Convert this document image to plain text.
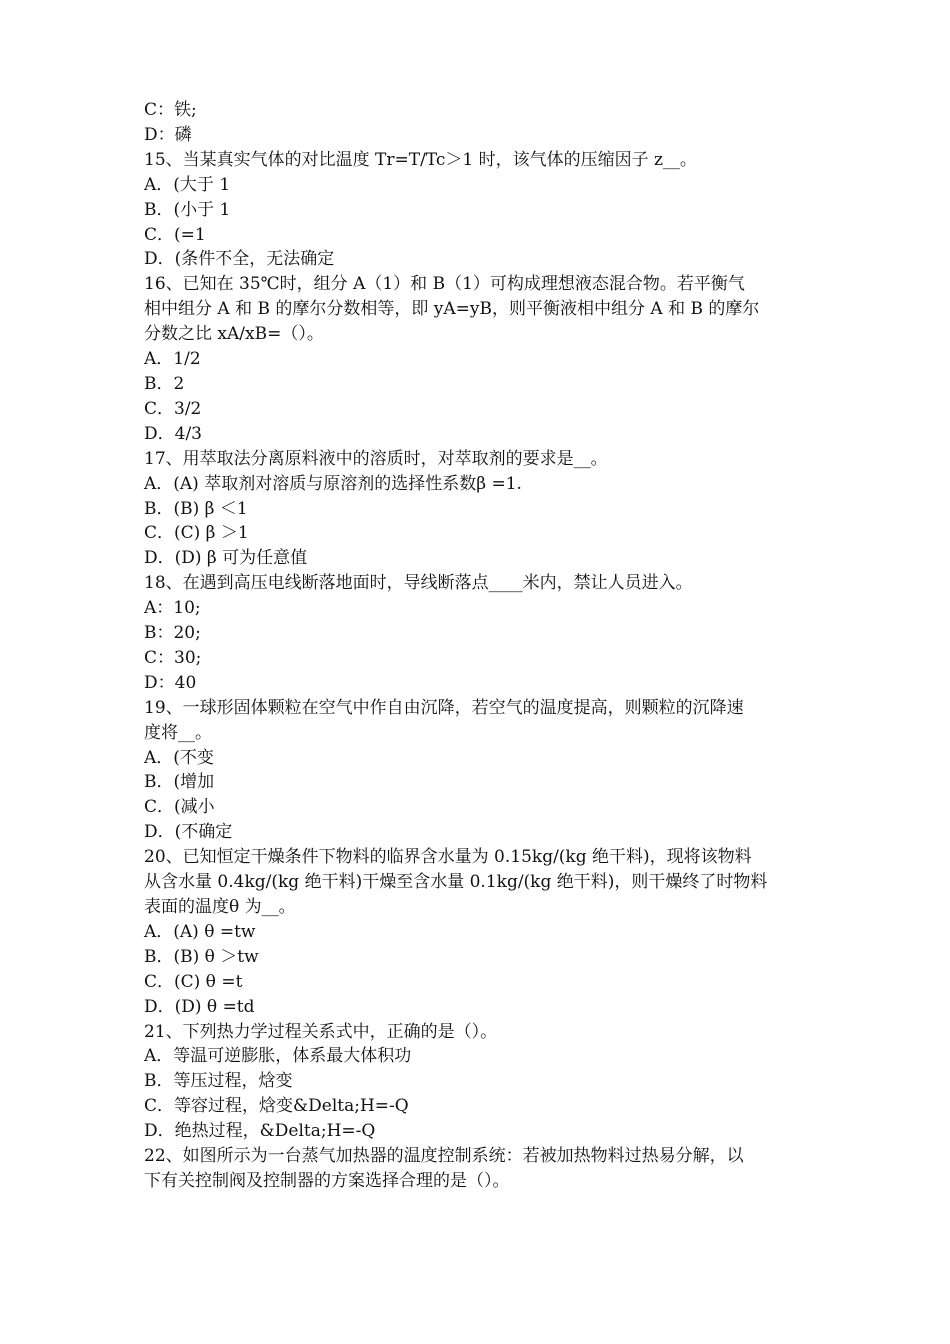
C：铁;

D：磷

15、当某真实气体的对比温度 Tr=T/Tc＞1 时，该气体的压缩因子 z__。

A．(大于 1

B．(小于 1

C．(=1

D．(条件不全，无法确定

16、已知在 35℃时，组分 A（1）和 B（1）可构成理想液态混合物。若平衡气

相中组分 A 和 B 的摩尔分数相等，即 yA=yB，则平衡液相中组分 A 和 B 的摩尔

分数之比 xA/xB=（）。

A．1/2

B．2

C．3/2

D．4/3

17、用萃取法分离原料液中的溶质时，对萃取剂的要求是__。

A．(A) 萃取剂对溶质与原溶剂的选择性系数β =1.

B．(B) β ＜1

C．(C) β ＞1

D．(D) β 可为任意值

18、在遇到高压电线断落地面时，导线断落点____米内，禁让人员进入。

A：10;

B：20;

C：30;

D：40

19、一球形固体颗粒在空气中作自由沉降，若空气的温度提高，则颗粒的沉降速

度将__。

A．(不变

B．(增加

C．(减小

D．(不确定

20、已知恒定干燥条件下物料的临界含水量为 0.15kg/(kg 绝干料)，现将该物料

从含水量 0.4kg/(kg 绝干料)干燥至含水量 0.1kg/(kg 绝干料)，则干燥终了时物料

表面的温度θ 为__。

A．(A) θ =tw

B．(B) θ ＞tw

C．(C) θ =t

D．(D) θ =td

21、下列热力学过程关系式中，正确的是（）。

A．等温可逆膨胀，体系最大体积功

B．等压过程，焓变

C．等容过程，焓变&Delta;H=-Q

D．绝热过程，&Delta;H=-Q

22、如图所示为一台蒸气加热器的温度控制系统：若被加热物料过热易分解，以

下有关控制阀及控制器的方案选择合理的是（）。
